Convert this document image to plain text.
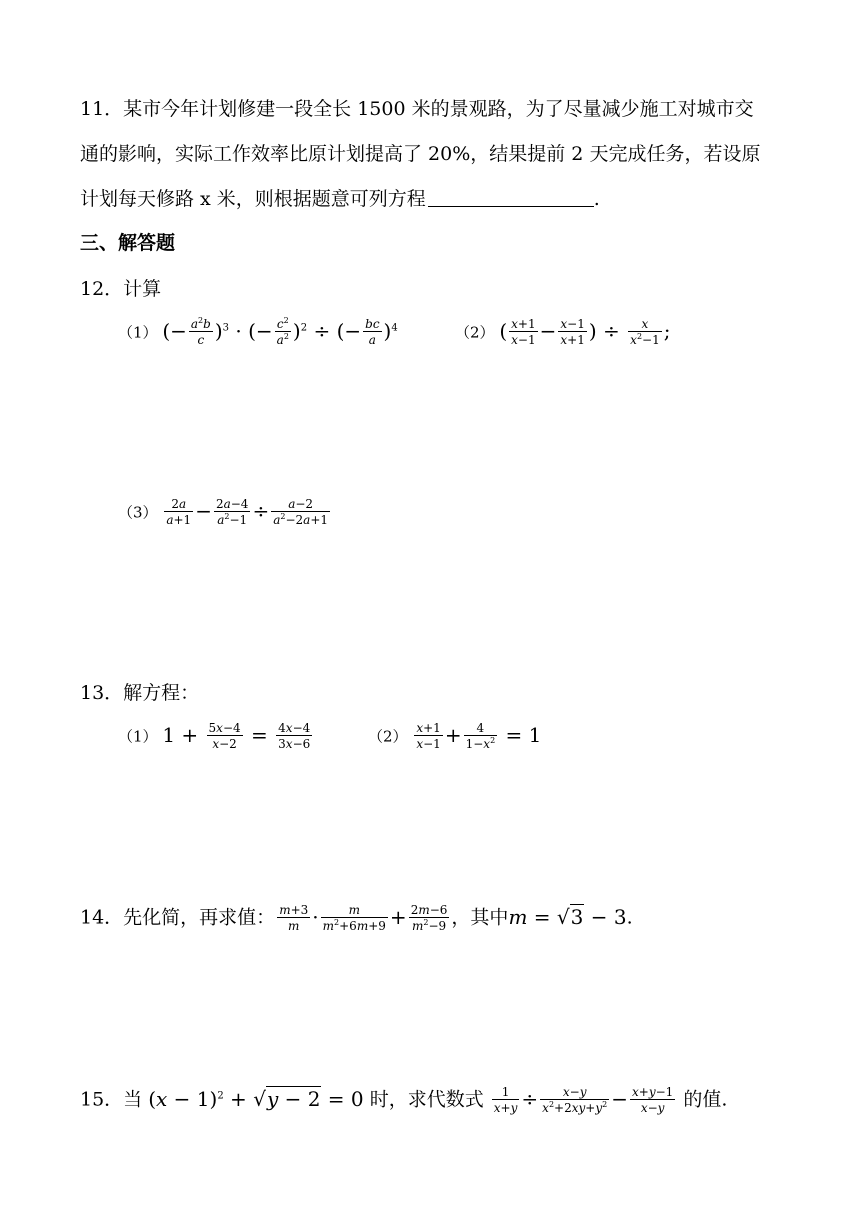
11．某市今年计划修建一段全长 1500 米的景观路，为了尽量减少施工对城市交
通的影响，实际工作效率比原计划提高了 20%，结果提前 2 天完成任务，若设原
计划每天修路 x 米，则根据题意可列方程	.
三、解答题
12．计算
（1） (− $\frac{a^2b}{c} )^3$ · (− $\frac{c^2}{a^2} )^2$ ÷ (− $\frac{bc}{a} )^4$	（2） ( $\frac{x+1}{x-1} - \frac{x-1}{x+1}$ ) ÷ $\frac{x}{x^2-1}$ ;
$(3) \frac{2a}{a+1} - \frac{2a-4}{a^2-1} \div \frac{a-2}{a^2-2a+1}$
13．解方程：
（1） $1 + \frac{5x-4}{x-2} = \frac{4x-4}{3x-6}$	$(2) \frac{x+1}{x-1} + \frac{4}{1-x^2} = 1$
14．先化简，再求值： $\frac{m+3}{m} \cdot \frac{m}{m^2+6m+9} + \frac{2m-6}{m^2-9}$ ，其中m = √3 − 3.
15．当 $(x - 1)^2 + √y - 2 = 0$ 时，求代数式 $\frac{1}{x+y} \div \frac{x-y}{x^2+2xy+y^2} - \frac{x+y-1}{x-y}$ 的值.
